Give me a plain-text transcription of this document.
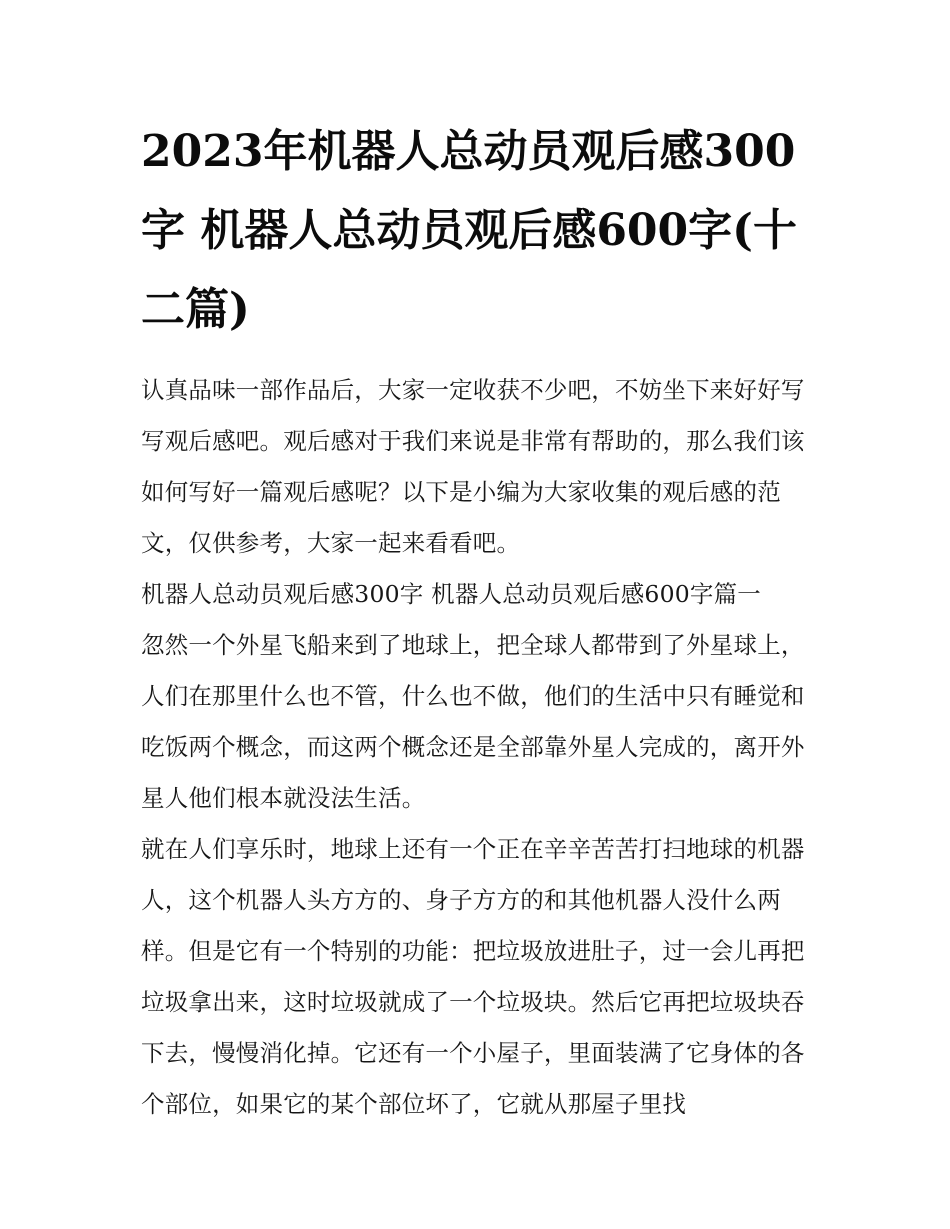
2023年机器人总动员观后感300字 机器人总动员观后感600字(十二篇)

认真品味一部作品后，大家一定收获不少吧，不妨坐下来好好写写观后感吧。观后感对于我们来说是非常有帮助的，那么我们该如何写好一篇观后感呢？以下是小编为大家收集的观后感的范文，仅供参考，大家一起来看看吧。

机器人总动员观后感300字 机器人总动员观后感600字篇一

忽然一个外星飞船来到了地球上，把全球人都带到了外星球上，人们在那里什么也不管，什么也不做，他们的生活中只有睡觉和吃饭两个概念，而这两个概念还是全部靠外星人完成的，离开外星人他们根本就没法生活。

就在人们享乐时，地球上还有一个正在辛辛苦苦打扫地球的机器人，这个机器人头方方的、身子方方的和其他机器人没什么两样。但是它有一个特别的功能：把垃圾放进肚子，过一会儿再把垃圾拿出来，这时垃圾就成了一个垃圾块。然后它再把垃圾块吞下去，慢慢消化掉。它还有一个小屋子，里面装满了它身体的各个部位，如果它的某个部位坏了，它就从那屋子里找
